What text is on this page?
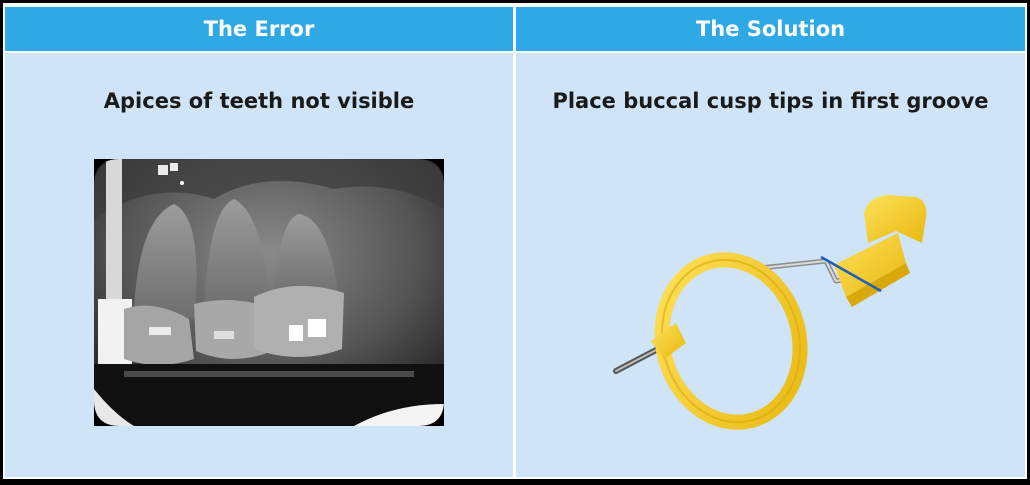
The Error	The Solution
Apices of teeth not visible	Place buccal cusp tips in first groove
